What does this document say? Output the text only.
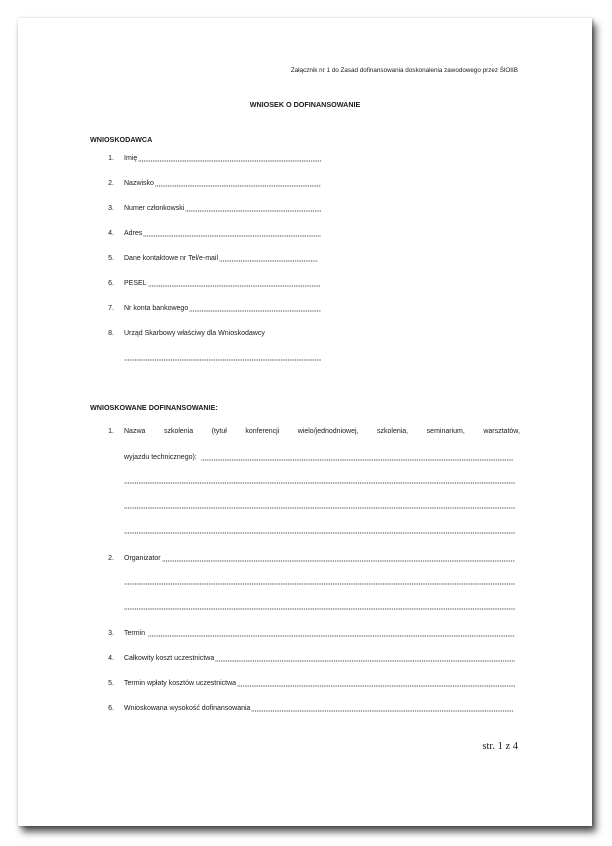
Załącznik nr 1 do Zasad dofinansowania doskonalenia zawodowego przez ŚlOIIB
WNIOSEK O DOFINANSOWANIE
WNIOSKODAWCA
1. Imię
2. Nazwisko
3. Numer członkowski
4. Adres
5. Dane kontaktowe nr Tel/e-mail
6. PESEL
7. Nr konta bankowego
8. Urząd Skarbowy właściwy dla Wnioskodawcy
WNIOSKOWANE DOFINANSOWANIE:
1. Nazwa	szkolenia	(tytuł	konferencji	wielo/jednodniowej,	szkolenia,	seminarium,	warsztatów,
wyjazdu technicznego):
2. Organizator
3. Termin
4. Całkowity koszt uczestnictwa
5. Termin wpłaty kosztów uczestnictwa
6. Wnioskowana wysokość dofinansowania
str. 1 z 4
